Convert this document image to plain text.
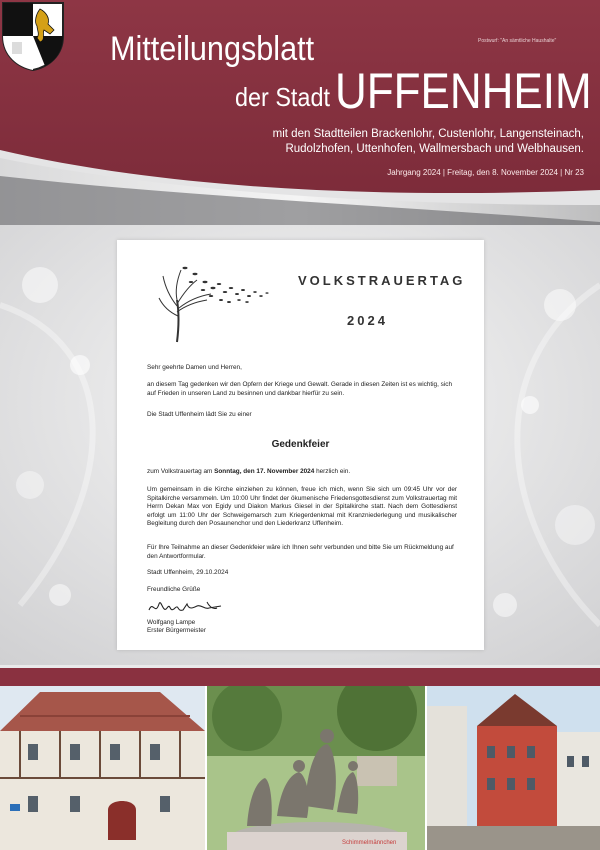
Postwurf: "An sämtliche Haushalte"
Mitteilungsblatt
der Stadt UFFENHEIM
mit den Stadtteilen Brackenlohr, Custenlohr, Langensteinach,
Rudolzhofen, Uttenhofen, Wallmersbach und Welbhausen.
Jahrgang 2024 | Freitag, den 8. November 2024 | Nr 23
VOLKSTRAUERTAG
2024
Sehr geehrte Damen und Herren,
an diesem Tag gedenken wir den Opfern der Kriege und Gewalt. Gerade in diesen Zeiten ist es wichtig, sich auf Frieden in unseren Land zu besinnen und dankbar hierfür zu sein.
Die Stadt Uffenheim lädt Sie zu einer
Gedenkfeier
zum Volkstrauertag am Sonntag, den 17. November 2024 herzlich ein.
Um gemeinsam in die Kirche einziehen zu können, freue ich mich, wenn Sie sich um 09:45 Uhr vor der Spitalkirche versammeln. Um 10:00 Uhr findet der ökumenische Friedensgottesdienst zum Volkstrauertag mit Herrn Dekan Max von Egidy und Diakon Markus Giesel in der Spitalkirche statt. Nach dem Gottesdienst erfolgt um 11:00 Uhr der Schweigemarsch zum Kriegerdenkmal mit Kranzniederlegung und musikalischer Begleitung durch den Posaunenchor und den Liederkranz Uffenheim.
Für Ihre Teilnahme an dieser Gedenkfeier wäre ich Ihnen sehr verbunden und bitte Sie um Rückmeldung auf den Antwortformular.
Stadt Uffenheim, 29.10.2024
Freundliche Grüße
Wolfgang Lampe
Erster Bürgermeister
Schimmelmännchen
